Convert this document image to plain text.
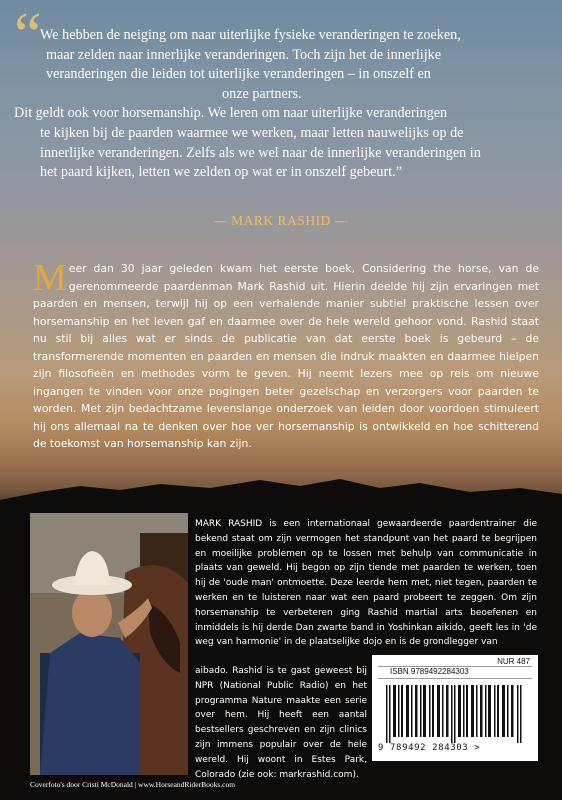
“

We hebben de neiging om naar uiterlijke fysieke veranderingen te zoeken,

maar zelden naar innerlijke veranderingen. Toch zijn het de innerlijke

veranderingen die leiden tot uiterlijke veranderingen – in onszelf en

onze partners.

Dit geldt ook voor horsemanship. We leren om naar uiterlijke veranderingen

te kijken bij de paarden waarmee we werken, maar letten nauwelijks op de

innerlijke veranderingen. Zelfs als we wel naar de innerlijke veranderingen in

het paard kijken, letten we zelden op wat er in onszelf gebeurt.”

— MARK RASHID —
Meer dan 30 jaar geleden kwam het eerste boek, Considering the horse, van de gerenommeerde paardenman Mark Rashid uit. Hierin deelde hij zijn ervaringen met paarden en mensen, terwijl hij op een verhalende manier subtiel praktische lessen over horsemanship en het leven gaf en daarmee over de hele wereld gehoor vond. Rashid staat nu stil bij alles wat er sinds de publicatie van dat eerste boek is gebeurd – de transformerende momenten en paarden en mensen die indruk maakten en daarmee hielpen zijn filosofieën en methodes vorm te geven. Hij neemt lezers mee op reis om nieuwe ingangen te vinden voor onze pogingen beter gezelschap en verzorgers voor paarden te worden. Met zijn bedachtzame levenslange onderzoek van leiden door voordoen stimuleert hij ons allemaal na te denken over hoe ver horsemanship is ontwikkeld en hoe schitterend de toekomst van horsemanship kan zijn.
MARK RASHID is een internationaal gewaardeerde paardentrainer die bekend staat om zijn vermogen het standpunt van het paard te begrijpen en moeilijke problemen op te lossen met behulp van communicatie in plaats van geweld. Hij begon op zijn tiende met paarden te werken, toen hij de 'oude man' ontmoette. Deze leerde hem met, niet tegen, paarden te werken en te luisteren naar wat een paard probeert te zeggen. Om zijn horsemanship te verbeteren ging Rashid martial arts beoefenen en inmiddels is hij derde Dan zwarte band in Yoshinkan aikido, geeft les in 'de weg van harmonie' in de plaatselijke dojo en is de grondlegger van
aibado. Rashid is te gast geweest bij NPR (National Public Radio) en het programma Nature maakte een serie over hem. Hij heeft een aantal bestsellers geschreven en zijn clinics zijn immens populair over de hele wereld. Hij woont in Estes Park, Colorado (zie ook: markrashid.com).
NUR 487
ISBN 9789492284303
9 789492 284303 >
Coverfoto's door Cristi McDonald | www.HorseandRiderBooks.com
